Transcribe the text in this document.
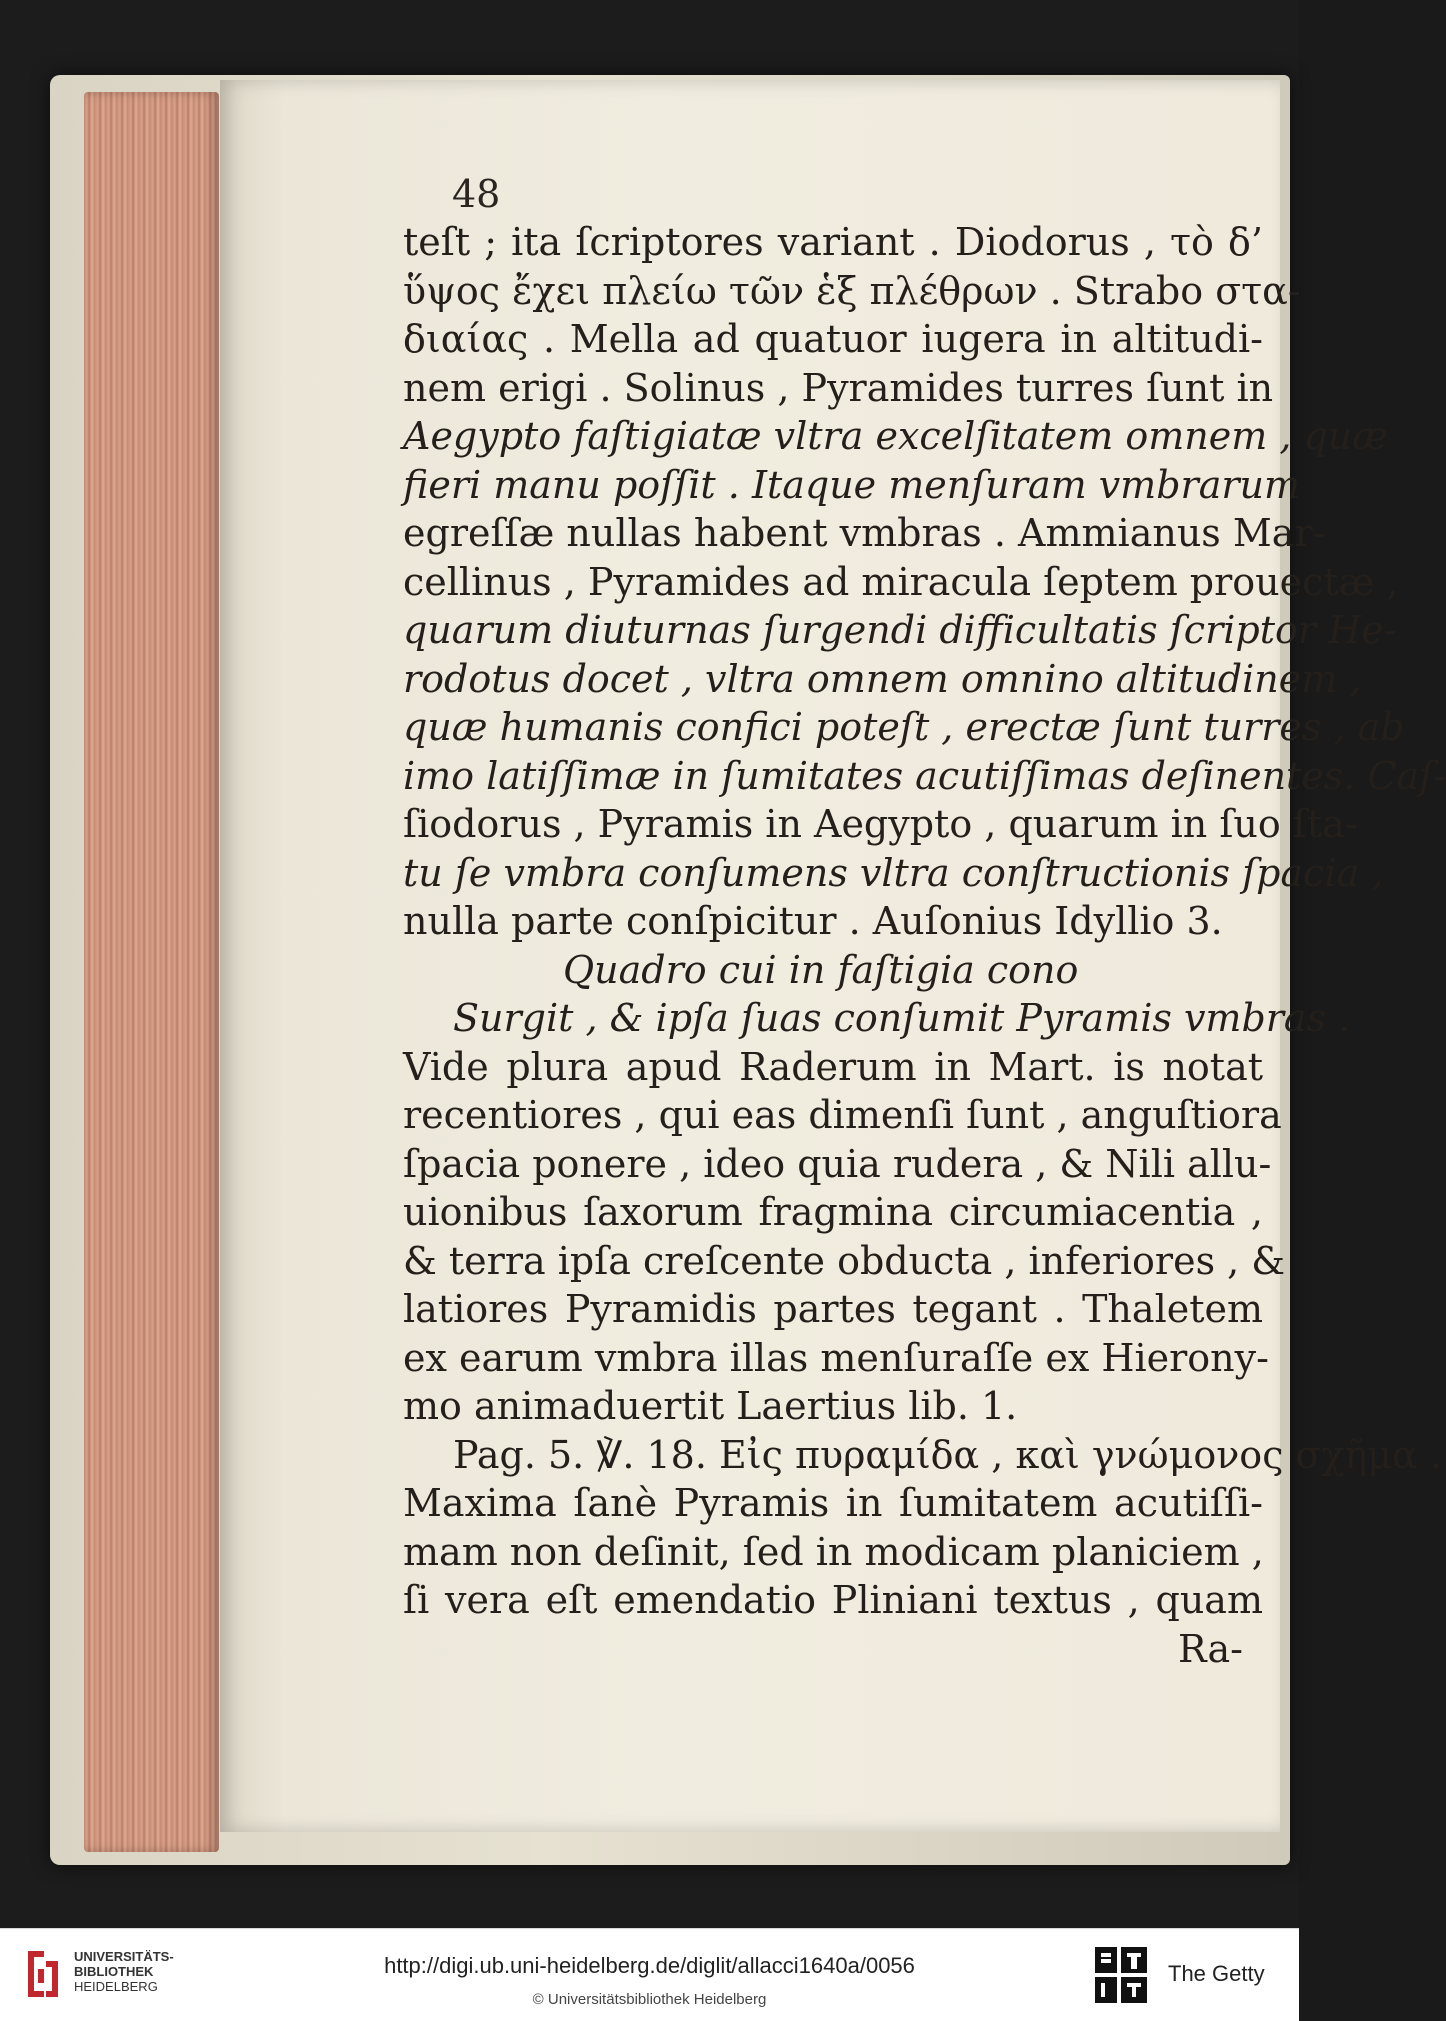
48
teſt ; ita ſcriptores variant . Diodorus , τὸ δ’
ὕψος ἔχει πλείω τῶν ἑξ πλέθρων . Strabo στα-
διαίας . Mella ad quatuor iugera in altitudi-
nem erigi . Solinus , Pyramides turres ſunt in
Aegypto faſtigiatæ vltra excelſitatem omnem , quæ
fieri manu poſſit . Itaque menſuram vmbrarum
egreſſæ nullas habent vmbras . Ammianus Mar-
cellinus , Pyramides ad miracula ſeptem prouectæ ,
quarum diuturnas ſurgendi difficultatis ſcriptor He-
rodotus docet , vltra omnem omnino altitudinem ,
quæ humanis confici poteſt , erectæ ſunt turres , ab
imo latiſſimæ in ſumitates acutiſſimas deſinentes. Caſ-
ſiodorus , Pyramis in Aegypto , quarum in ſuo ſta-
tu ſe vmbra conſumens vltra conſtructionis ſpacia ,
nulla parte conſpicitur . Auſonius Idyllio 3.
Quadro cui in faſtigia cono
Surgit , & ipſa ſuas conſumit Pyramis vmbras .
Vide plura apud Raderum in Mart. is notat
recentiores , qui eas dimenſi ſunt , anguſtiora
ſpacia ponere , ideo quia rudera , & Nili allu-
uionibus ſaxorum fragmina circumiacentia ,
& terra ipſa creſcente obducta , inferiores , &
latiores Pyramidis partes tegant . Thaletem
ex earum vmbra illas menſuraſſe ex Hierony-
mo animaduertit Laertius lib. 1.
Pag. 5. ℣. 18. Εἰς πυραμίδα , καὶ γνώμονος σχῆμα .
Maxima ſanè Pyramis in ſumitatem acutiſſi-
mam non deſinit, ſed in modicam planiciem ,
ſi vera eſt emendatio Pliniani textus , quam
Ra-
UNIVERSITÄTS-
BIBLIOTHEK
HEIDELBERG
http://digi.ub.uni-heidelberg.de/diglit/allacci1640a/0056
© Universitätsbibliothek Heidelberg
The Getty
